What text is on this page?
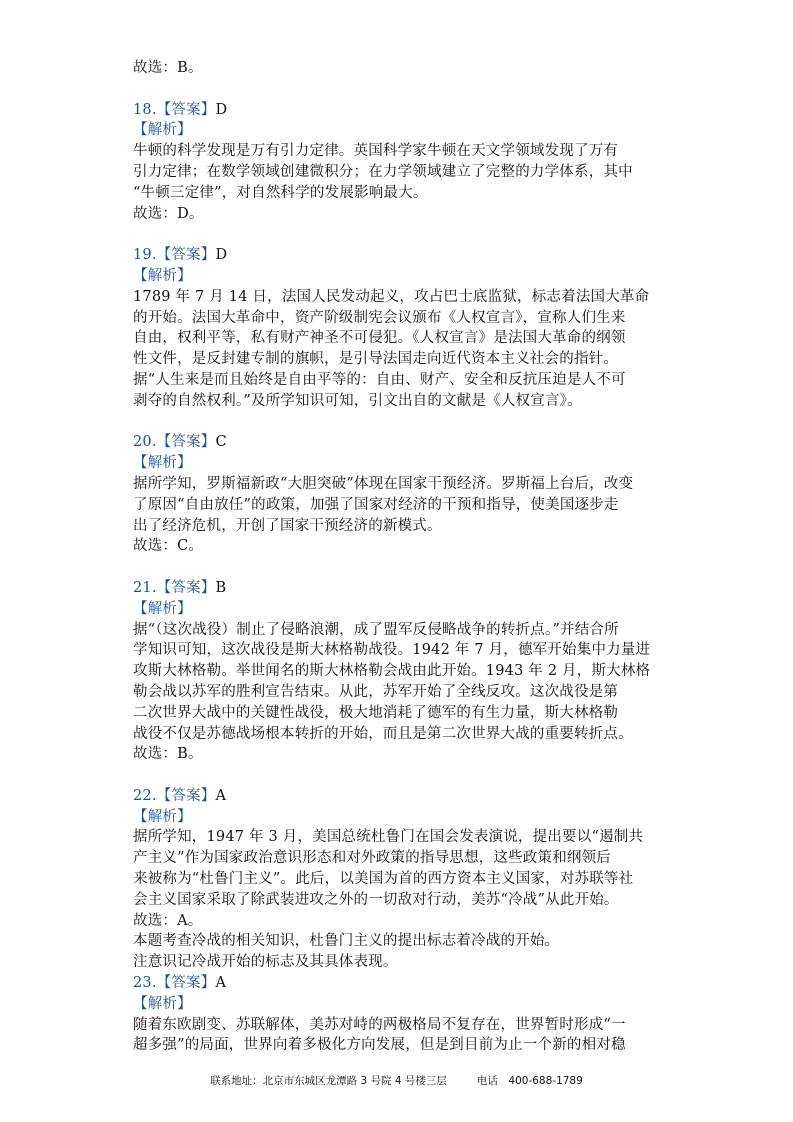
故选：B。
18.【答案】D
【解析】
牛顿的科学发现是万有引力定律。英国科学家牛顿在天文学领域发现了万有
引力定律；在数学领域创建微积分；在力学领域建立了完整的力学体系，其中
“牛顿三定律”，对自然科学的发展影响最大。
故选：D。
19.【答案】D
【解析】
1789 年 7 月 14 日，法国人民发动起义，攻占巴士底监狱，标志着法国大革命
的开始。法国大革命中，资产阶级制宪会议颁布《人权宣言》，宣称人们生来
自由，权利平等，私有财产神圣不可侵犯。《人权宣言》是法国大革命的纲领
性文件，是反封建专制的旗帜，是引导法国走向近代资本主义社会的指针。
据“人生来是而且始终是自由平等的：自由、财产、安全和反抗压迫是人不可
剥夺的自然权利。”及所学知识可知，引文出自的文献是《人权宣言》。
20.【答案】C
【解析】
据所学知，罗斯福新政“大胆突破”体现在国家干预经济。罗斯福上台后，改变
了原因“自由放任”的政策，加强了国家对经济的干预和指导，使美国逐步走
出了经济危机，开创了国家干预经济的新模式。
故选：C。
21.【答案】B
【解析】
据“（这次战役）制止了侵略浪潮，成了盟军反侵略战争的转折点。”并结合所
学知识可知，这次战役是斯大林格勒战役。1942 年 7 月，德军开始集中力量进
攻斯大林格勒。举世闻名的斯大林格勒会战由此开始。1943 年 2 月，斯大林格
勒会战以苏军的胜利宣告结束。从此，苏军开始了全线反攻。这次战役是第
二次世界大战中的关键性战役，极大地消耗了德军的有生力量，斯大林格勒
战役不仅是苏德战场根本转折的开始，而且是第二次世界大战的重要转折点。
故选：B。
22.【答案】A
【解析】
据所学知，1947 年 3 月，美国总统杜鲁门在国会发表演说，提出要以“遏制共
产主义”作为国家政治意识形态和对外政策的指导思想，这些政策和纲领后
来被称为“杜鲁门主义”。此后，以美国为首的西方资本主义国家，对苏联等社
会主义国家采取了除武装进攻之外的一切敌对行动，美苏“冷战”从此开始。
故选：A。
本题考查冷战的相关知识，杜鲁门主义的提出标志着冷战的开始。
注意识记冷战开始的标志及其具体表现。
23.【答案】A
【解析】
随着东欧剧变、苏联解体，美苏对峙的两极格局不复存在，世界暂时形成“一
超多强”的局面，世界向着多极化方向发展，但是到目前为止一个新的相对稳
联系地址：北京市东城区龙潭路 3 号院 4 号楼三层	电话　400-688-1789
